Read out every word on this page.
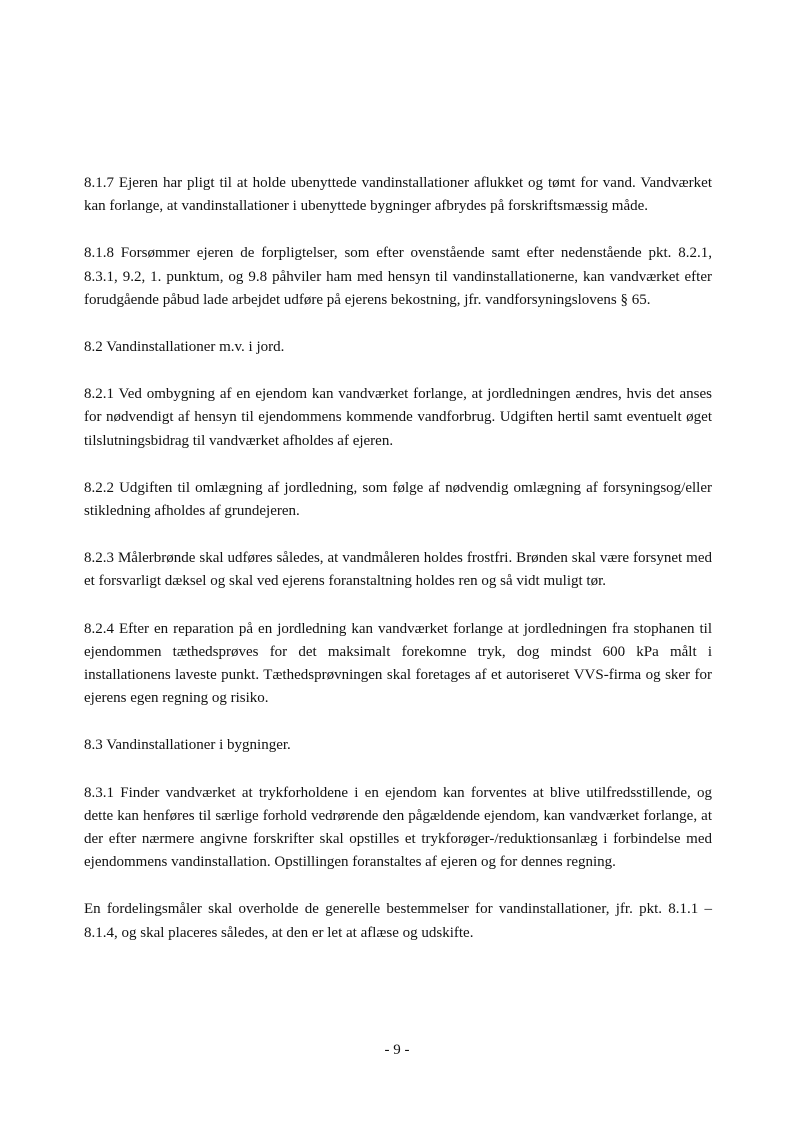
8.1.7 Ejeren har pligt til at holde ubenyttede vandinstallationer aflukket og tømt for vand. Vandværket kan forlange, at vandinstallationer i ubenyttede bygninger afbrydes på forskriftsmæssig måde.

8.1.8 Forsømmer ejeren de forpligtelser, som efter ovenstående samt efter nedenstående pkt. 8.2.1, 8.3.1, 9.2, 1. punktum, og 9.8 påhviler ham med hensyn til vandinstallationerne, kan vandværket efter forudgående påbud lade arbejdet udføre på ejerens bekostning, jfr. vandforsyningslovens § 65.

8.2 Vandinstallationer m.v. i jord.

8.2.1 Ved ombygning af en ejendom kan vandværket forlange, at jordledningen ændres, hvis det anses for nødvendigt af hensyn til ejendommens kommende vandforbrug. Udgiften hertil samt eventuelt øget tilslutningsbidrag til vandværket afholdes af ejeren.

8.2.2 Udgiften til omlægning af jordledning, som følge af nødvendig omlægning af forsyningsog/eller stikledning afholdes af grundejeren.

8.2.3 Målerbrønde skal udføres således, at vandmåleren holdes frostfri. Brønden skal være forsynet med et forsvarligt dæksel og skal ved ejerens foranstaltning holdes ren og så vidt muligt tør.

8.2.4 Efter en reparation på en jordledning kan vandværket forlange at jordledningen fra stophanen til ejendommen tæthedsprøves for det maksimalt forekomne tryk, dog mindst 600 kPa målt i installationens laveste punkt. Tæthedsprøvningen skal foretages af et autoriseret VVS-firma og sker for ejerens egen regning og risiko.

8.3 Vandinstallationer i bygninger.

8.3.1 Finder vandværket at trykforholdene i en ejendom kan forventes at blive utilfredsstillende, og dette kan henføres til særlige forhold vedrørende den pågældende ejendom, kan vandværket forlange, at der efter nærmere angivne forskrifter skal opstilles et trykforøger-/reduktionsanlæg i forbindelse med ejendommens vandinstallation. Opstillingen foranstaltes af ejeren og for dennes regning.

En fordelingsmåler skal overholde de generelle bestemmelser for vandinstallationer, jfr. pkt. 8.1.1 – 8.1.4, og skal placeres således, at den er let at aflæse og udskifte.

- 9 -
